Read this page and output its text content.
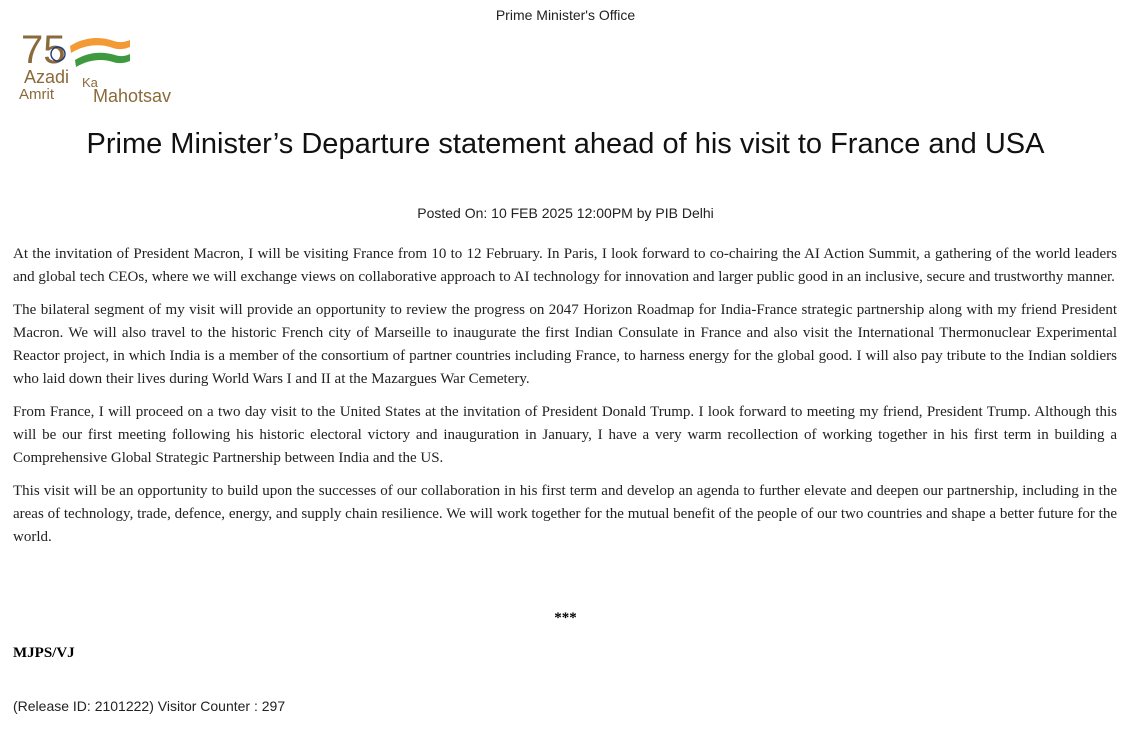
Prime Minister's Office
75
Azadi Ka
Amrit Mahotsav
Prime Minister’s Departure statement ahead of his visit to France and USA
Posted On: 10 FEB 2025 12:00PM by PIB Delhi

At the invitation of President Macron, I will be visiting France from 10 to 12 February. In Paris, I look forward to co-chairing the AI Action Summit, a gathering of the world leaders and global tech CEOs, where we will exchange views on collaborative approach to AI technology for innovation and larger public good in an inclusive, secure and trustworthy manner.

The bilateral segment of my visit will provide an opportunity to review the progress on 2047 Horizon Roadmap for India-France strategic partnership along with my friend President Macron. We will also travel to the historic French city of Marseille to inaugurate the first Indian Consulate in France and also visit the International Thermonuclear Experimental Reactor project, in which India is a member of the consortium of partner countries including France, to harness energy for the global good. I will also pay tribute to the Indian soldiers who laid down their lives during World Wars I and II at the Mazargues War Cemetery.

From France, I will proceed on a two day visit to the United States at the invitation of President Donald Trump. I look forward to meeting my friend, President Trump. Although this will be our first meeting following his historic electoral victory and inauguration in January, I have a very warm recollection of working together in his first term in building a Comprehensive Global Strategic Partnership between India and the US.

This visit will be an opportunity to build upon the successes of our collaboration in his first term and develop an agenda to further elevate and deepen our partnership, including in the areas of technology, trade, defence, energy, and supply chain resilience. We will work together for the mutual benefit of the people of our two countries and shape a better future for the world.

***
MJPS/VJ
(Release ID: 2101222) Visitor Counter : 297
